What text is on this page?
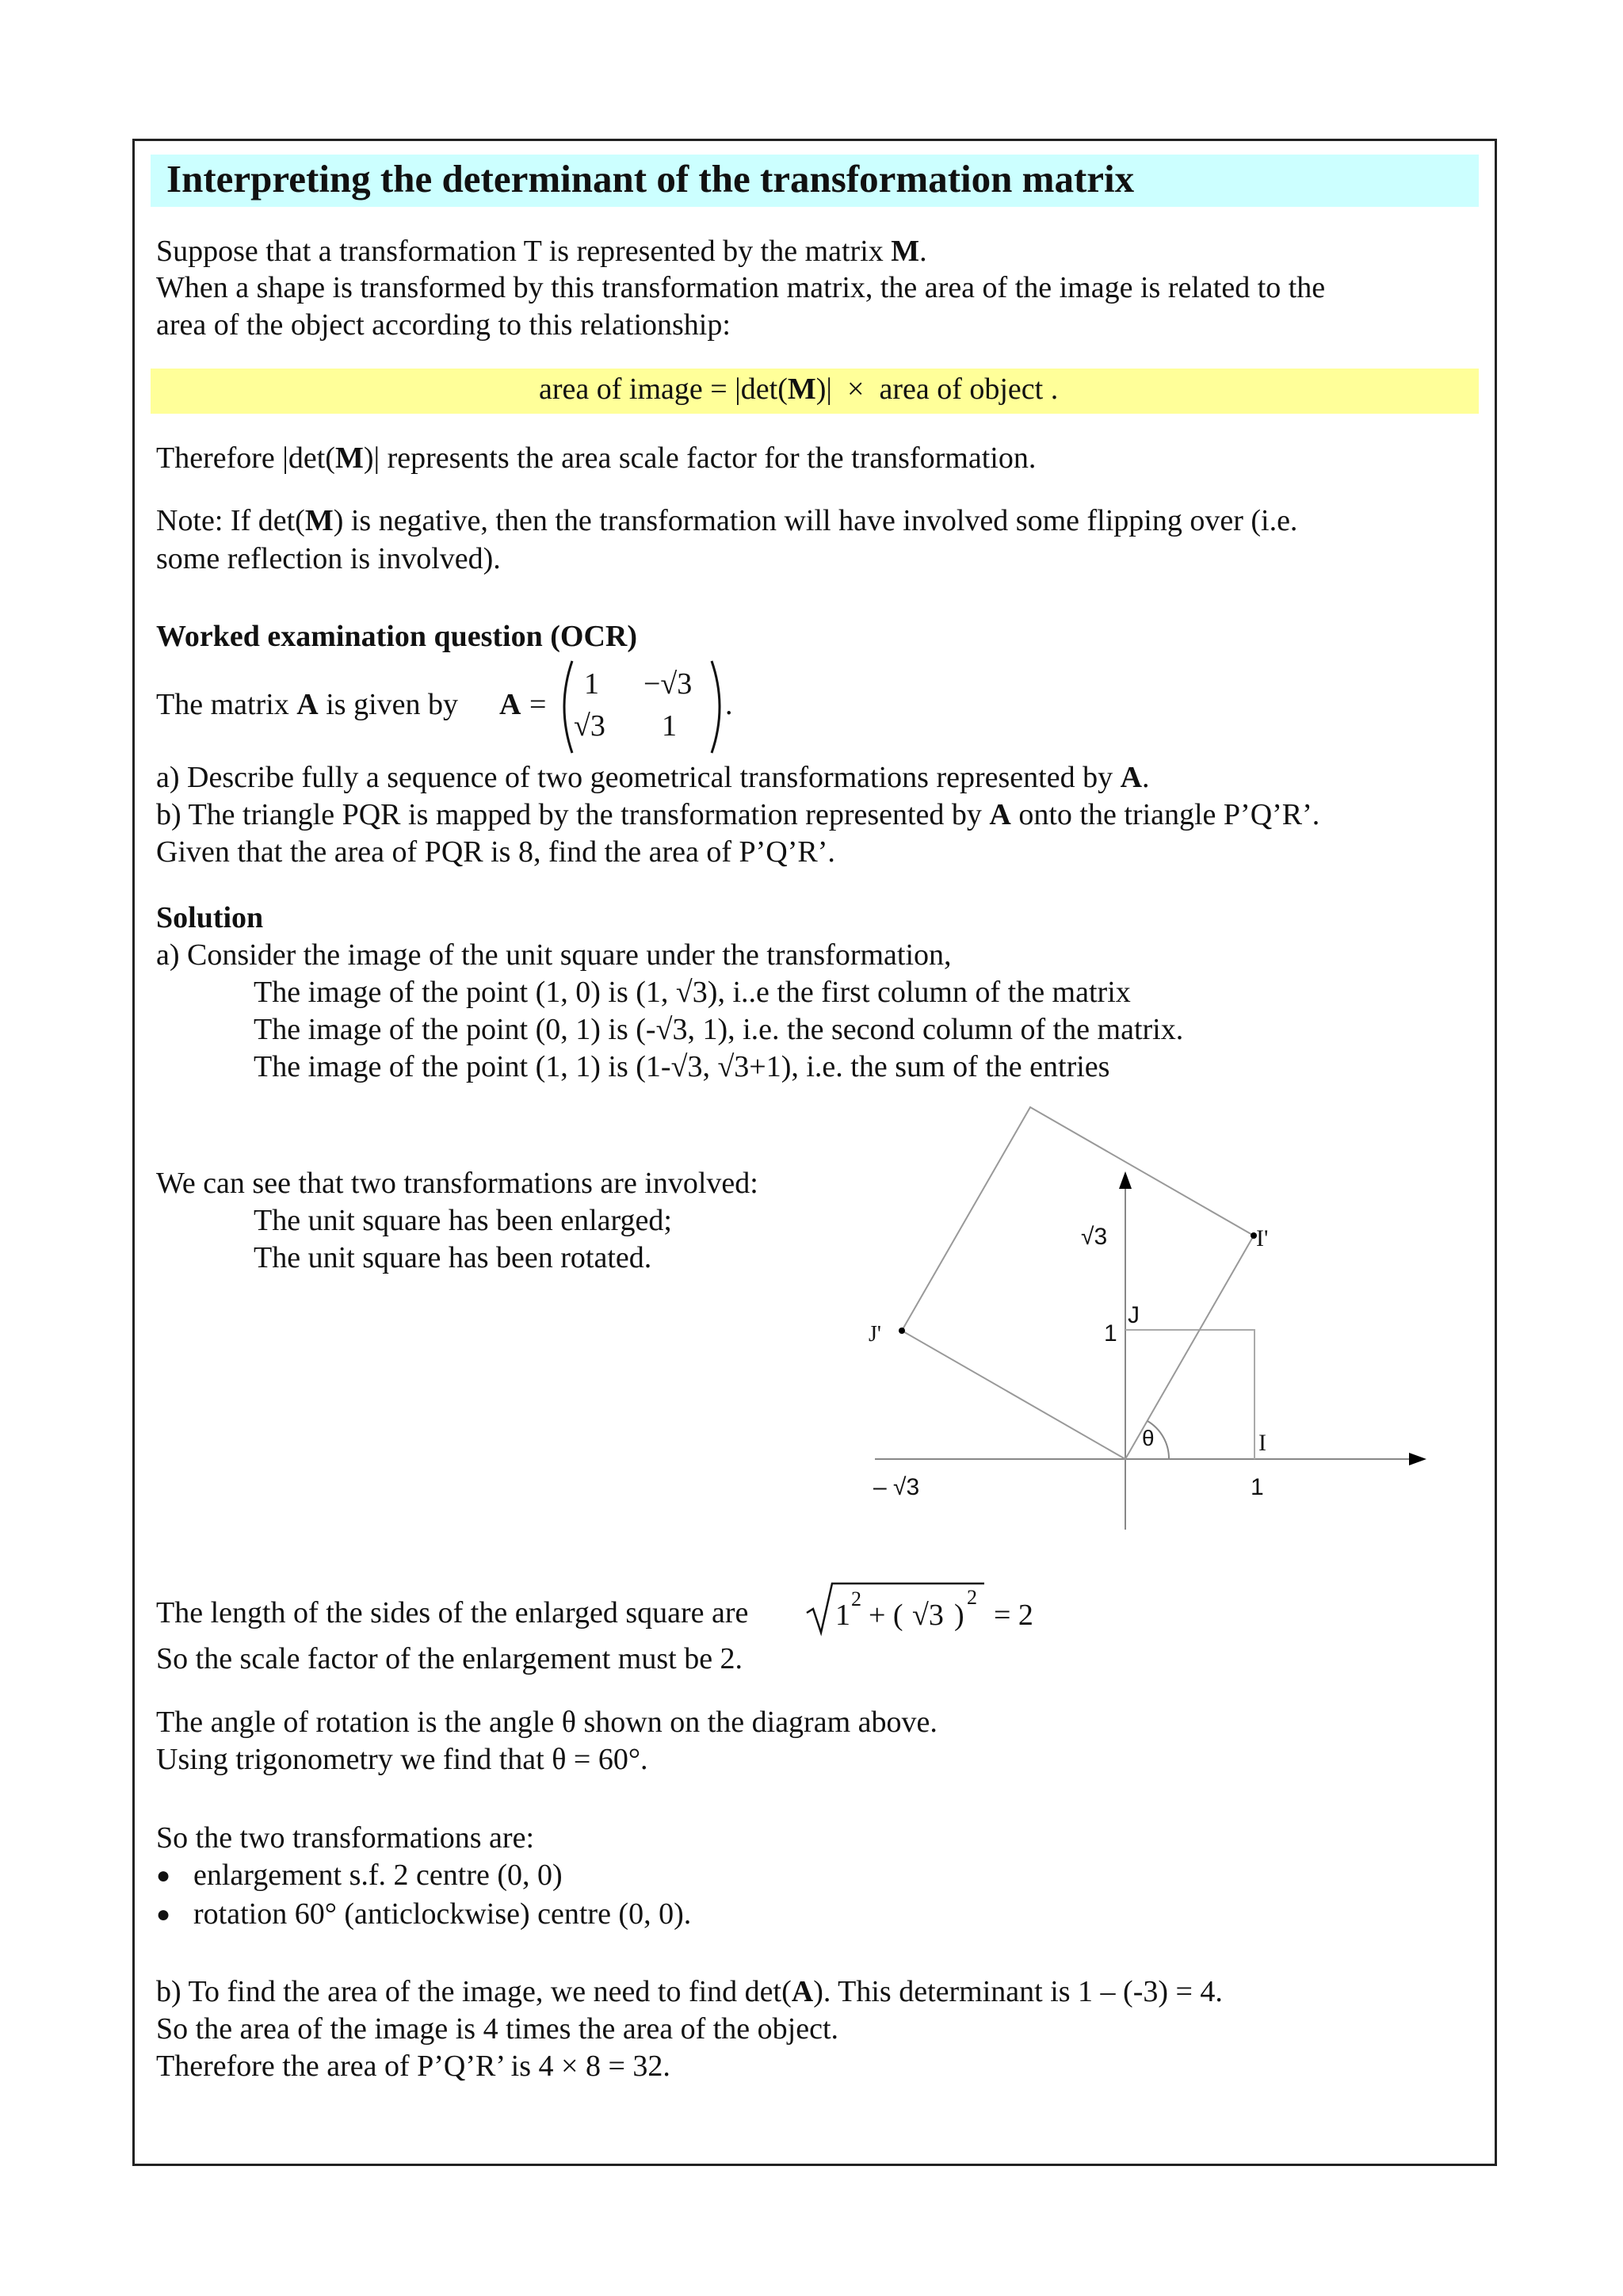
Interpreting the determinant of the transformation matrix
Suppose that a transformation T is represented by the matrix M.
When a shape is transformed by this transformation matrix, the area of the image is related to the
area of the object according to this relationship:
area of image = |det(M)| × area of object .
Therefore |det(M)| represents the area scale factor for the transformation.
Note: If det(M) is negative, then the transformation will have involved some flipping over (i.e.
some reflection is involved).
Worked examination question (OCR)
The matrix A is given by A =
1 −√3
√3 1
.
a) Describe fully a sequence of two geometrical transformations represented by A.
b) The triangle PQR is mapped by the transformation represented by A onto the triangle P’Q’R’.
Given that the area of PQR is 8, find the area of P’Q’R’.
Solution
a) Consider the image of the unit square under the transformation,
The image of the point (1, 0) is (1, √3), i..e the first column of the matrix
The image of the point (0, 1) is (-√3, 1), i.e. the second column of the matrix.
The image of the point (1, 1) is (1-√3, √3+1), i.e. the sum of the entries
We can see that two transformations are involved:
The unit square has been enlarged;
The unit square has been rotated.
√3	I'
J'
J
1
θ	I
– √3	1
The length of the sides of the enlarged square are	1 2 + ( √3 )
2
= 2
So the scale factor of the enlargement must be 2.
The angle of rotation is the angle θ shown on the diagram above.
Using trigonometry we find that θ = 60°.
So the two transformations are:
● enlargement s.f. 2 centre (0, 0)
● rotation 60° (anticlockwise) centre (0, 0).
b) To find the area of the image, we need to find det(A). This determinant is 1 – (-3) = 4.
So the area of the image is 4 times the area of the object.
Therefore the area of P’Q’R’ is 4 × 8 = 32.
